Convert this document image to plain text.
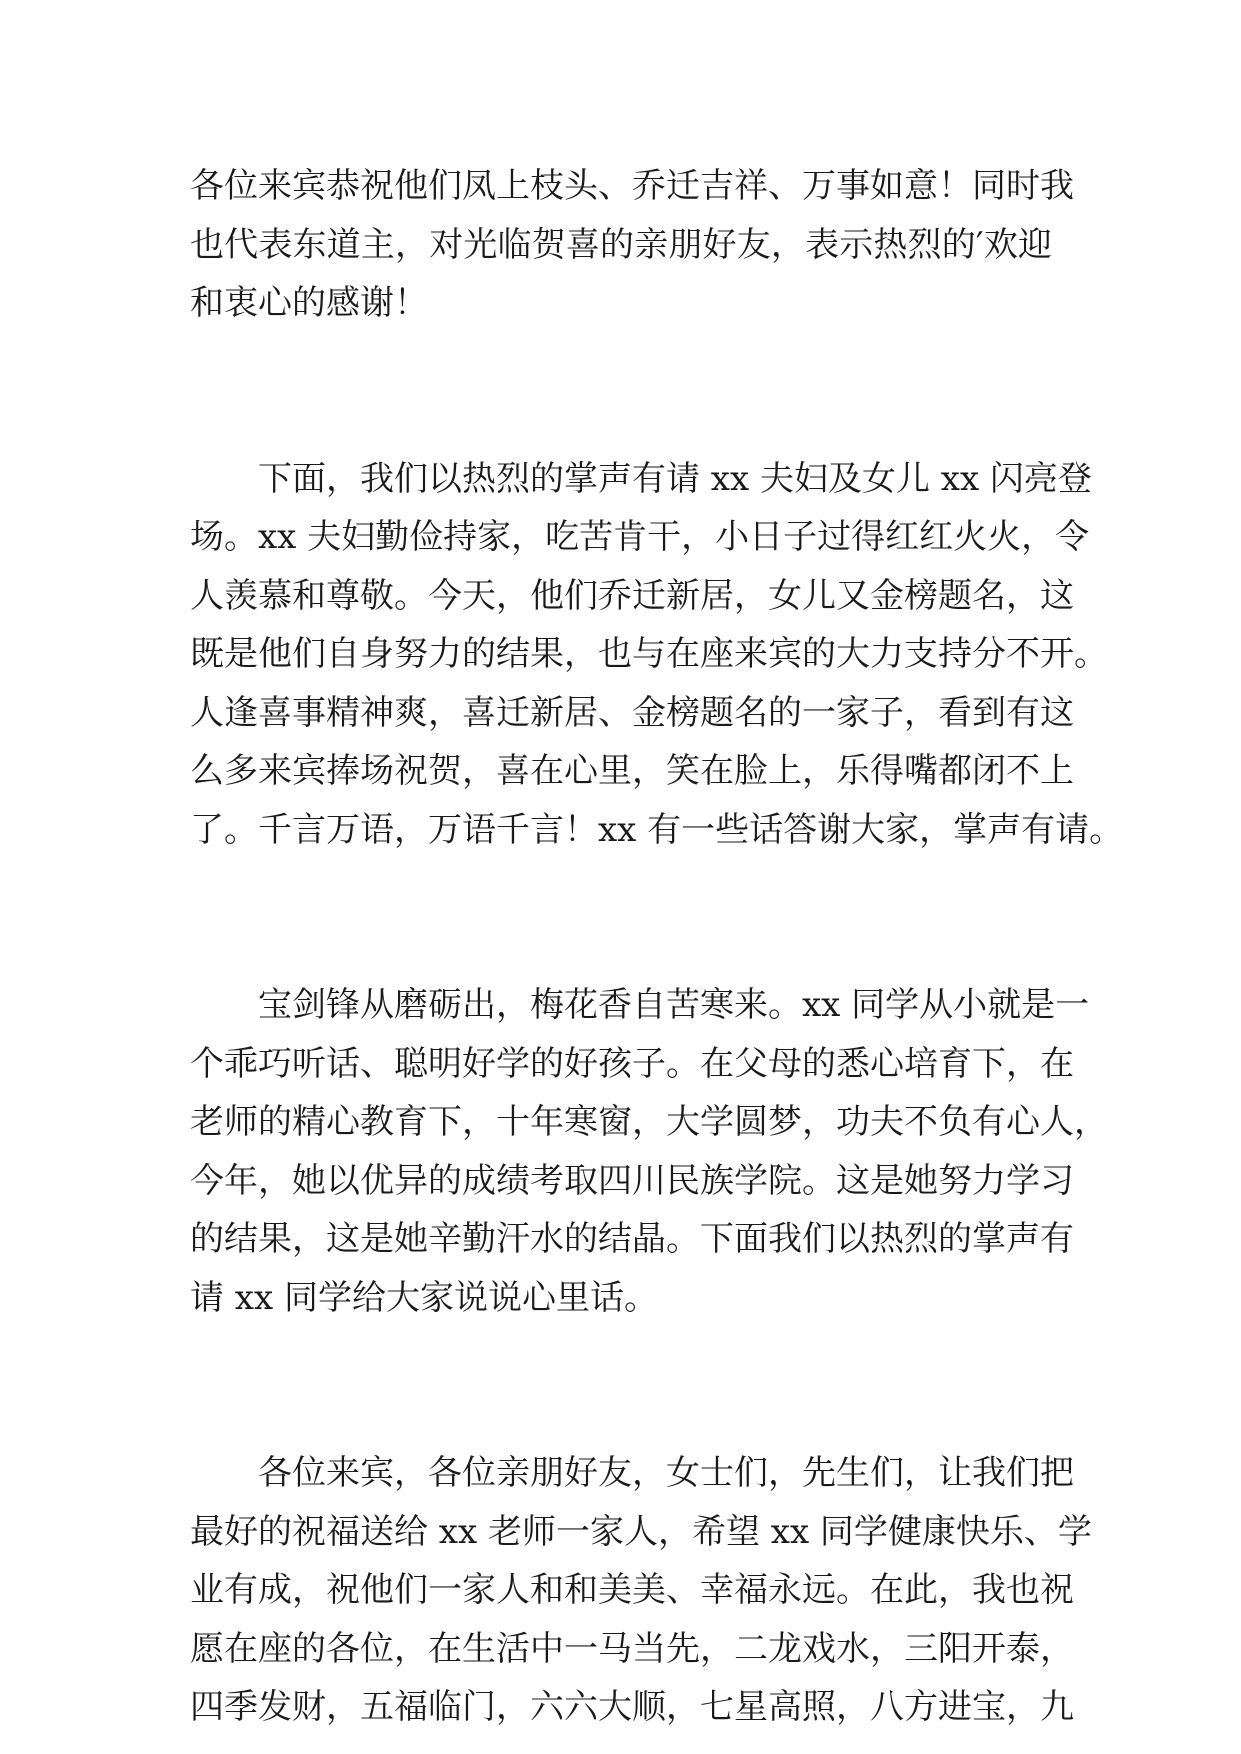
各位来宾恭祝他们凤上枝头、乔迁吉祥、万事如意！同时我
也代表东道主，对光临贺喜的亲朋好友，表示热烈的′欢迎
和衷心的感谢！
　　下面，我们以热烈的掌声有请 xx 夫妇及女儿 xx 闪亮登
场。xx 夫妇勤俭持家，吃苦肯干，小日子过得红红火火，令
人羡慕和尊敬。今天，他们乔迁新居，女儿又金榜题名，这
既是他们自身努力的结果，也与在座来宾的大力支持分不开。
人逢喜事精神爽，喜迁新居、金榜题名的一家子，看到有这
么多来宾捧场祝贺，喜在心里，笑在脸上，乐得嘴都闭不上
了。千言万语，万语千言！xx 有一些话答谢大家，掌声有请。
　　宝剑锋从磨砺出，梅花香自苦寒来。xx 同学从小就是一
个乖巧听话、聪明好学的好孩子。在父母的悉心培育下，在
老师的精心教育下，十年寒窗，大学圆梦，功夫不负有心人，
今年，她以优异的成绩考取四川民族学院。这是她努力学习
的结果，这是她辛勤汗水的结晶。下面我们以热烈的掌声有
请 xx 同学给大家说说心里话。
　　各位来宾，各位亲朋好友，女士们，先生们，让我们把
最好的祝福送给 xx 老师一家人，希望 xx 同学健康快乐、学
业有成，祝他们一家人和和美美、幸福永远。在此，我也祝
愿在座的各位，在生活中一马当先，二龙戏水，三阳开泰，
四季发财，五福临门，六六大顺，七星高照，八方进宝，九
